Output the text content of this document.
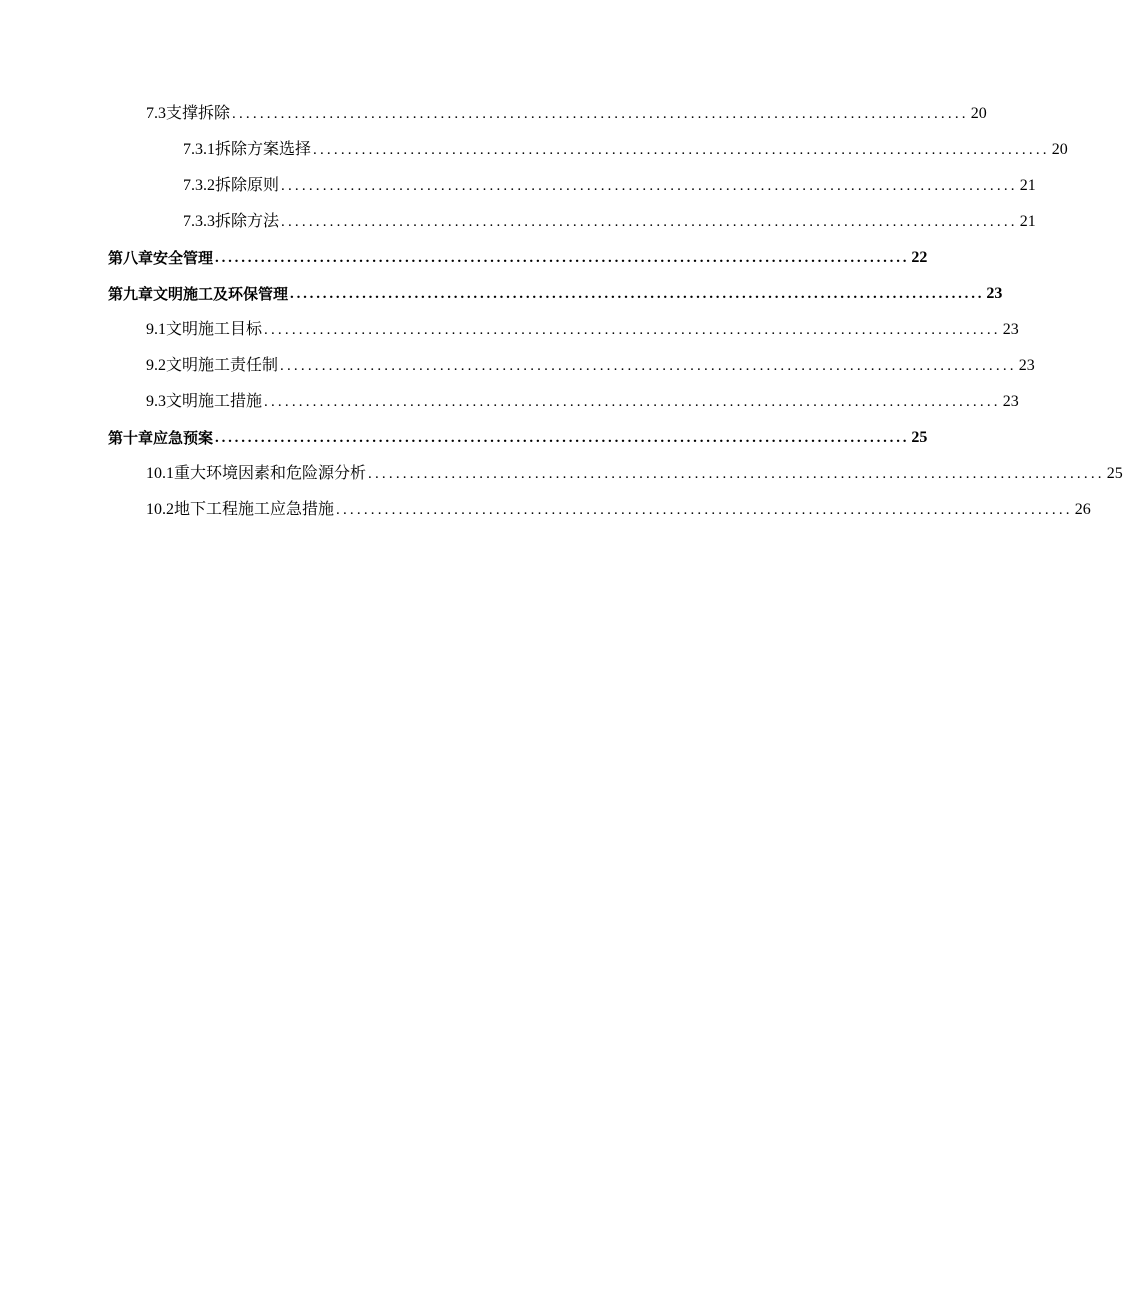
7.3 支撑拆除 .......................................................................................................... 20
7.3.1 拆除方案选择 .......................................................................................................... 20
7.3.2 拆除原则 .......................................................................................................... 21
7.3.3 拆除方法 .......................................................................................................... 21
第八章安全管理 .......................................................................................................... 22
第九章文明施工及环保管理 .......................................................................................................... 23
9.1 文明施工目标 .......................................................................................................... 23
9.2 文明施工责任制 .......................................................................................................... 23
9.3 文明施工措施 .......................................................................................................... 23
第十章应急预案 .......................................................................................................... 25
10.1 重大环境因素和危险源分析 .......................................................................................................... 25
10.2 地下工程施工应急措施 .......................................................................................................... 26
